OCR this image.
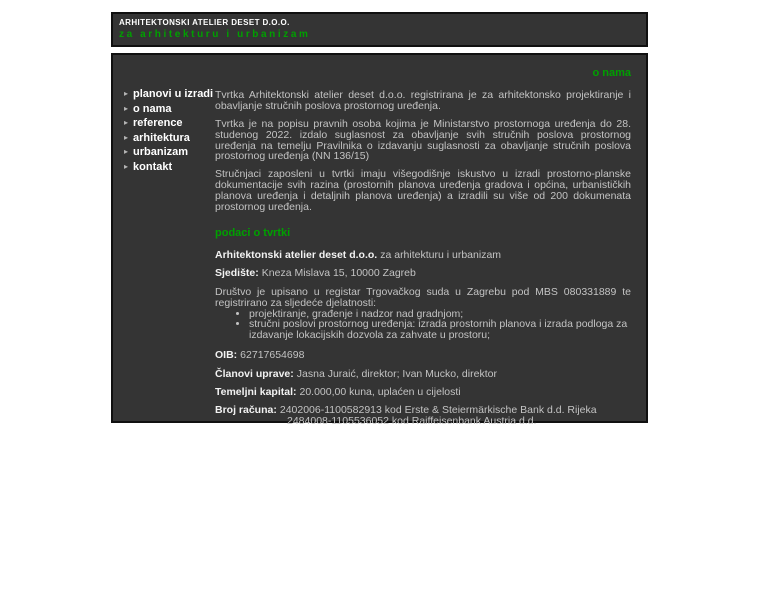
ARHITEKTONSKI ATELIER DESET D.O.O.
za arhitekturu i urbanizam
▸ planovi u izradi
▸ o nama
▸ reference
▸ arhitektura
▸ urbanizam
▸ kontakt
o nama

Tvrtka Arhitektonski atelier deset d.o.o. registrirana je za arhitektonsko projektiranje i obavljanje stručnih poslova prostornog uređenja.

Tvrtka je na popisu pravnih osoba kojima je Ministarstvo prostornoga uređenja do 28. studenog 2022. izdalo suglasnost za obavljanje svih stručnih poslova prostornog uređenja na temelju Pravilnika o izdavanju suglasnosti za obavljanje stručnih poslova prostornog uređenja (NN 136/15)

Stručnjaci zaposleni u tvrtki imaju višegodišnje iskustvo u izradi prostorno-planske dokumentacije svih razina (prostornih planova uređenja gradova i općina, urbanističkih planova uređenja i detaljnih planova uređenja) a izradili su više od 200 dokumenata prostornog uređenja.

podaci o tvrtki
Arhitektonski atelier deset d.o.o. za arhitekturu i urbanizam
Sjedište: Kneza Mislava 15, 10000 Zagreb

Društvo je upisano u registar Trgovačkog suda u Zagrebu pod MBS 080331889 te registrirano za sljedeće djelatnosti:

• projektiranje, građenje i nadzor nad gradnjom;
• stručni poslovi prostornog uređenja: izrada prostornih planova i izrada podloga za izdavanje lokacijskih dozvola za zahvate u prostoru;
OIB: 62717654698
Članovi uprave: Jasna Juraić, direktor; Ivan Mucko, direktor
Temeljni kapital: 20.000,00 kuna, uplaćen u cijelosti
Broj računa: 2402006-1100582913 kod Erste & Steiermärkische Bank d.d. Rijeka
2484008-1105536052 kod Raiffeisenbank Austria d.d.
